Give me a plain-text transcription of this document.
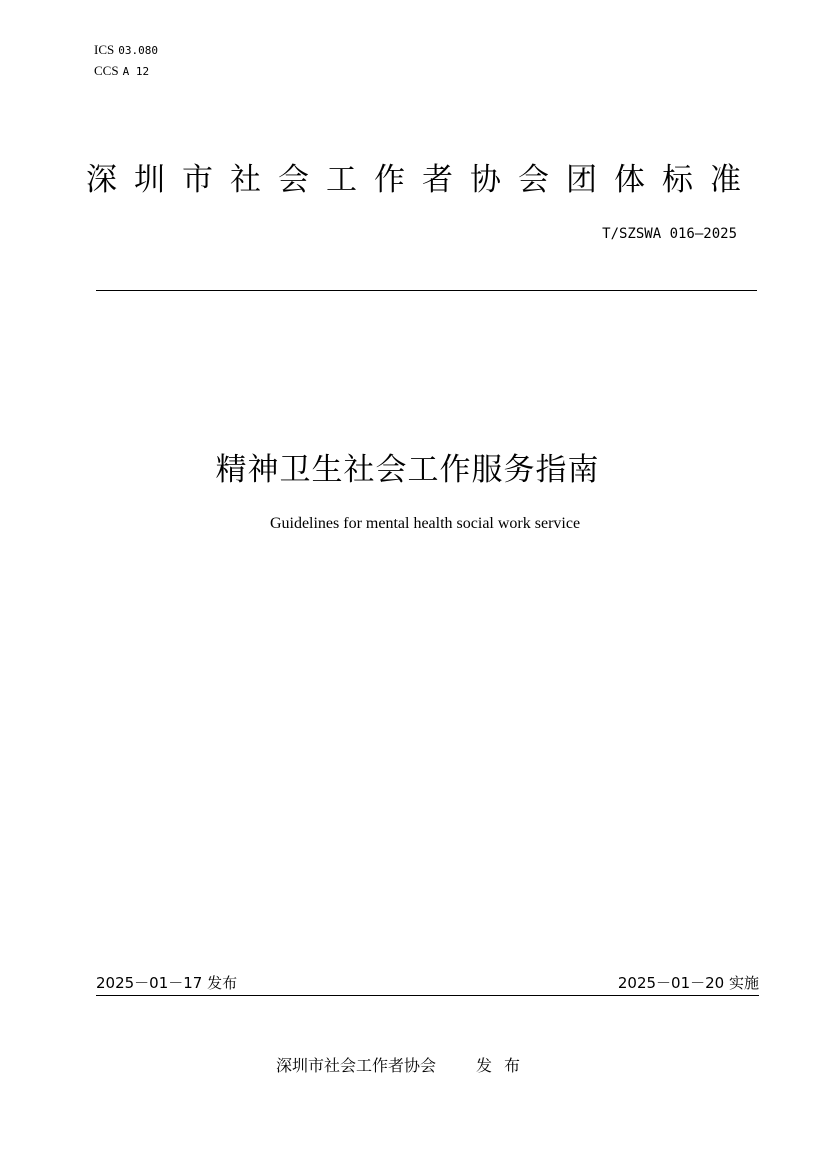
ICS 03.080
CCS A 12
深圳市社会工作者协会团体标准
T/SZSWA 016—2025
精神卫生社会工作服务指南
Guidelines for mental health social work service
2025－01－17 发布	2025－01－20 实施
深圳市社会工作者协会	发布
